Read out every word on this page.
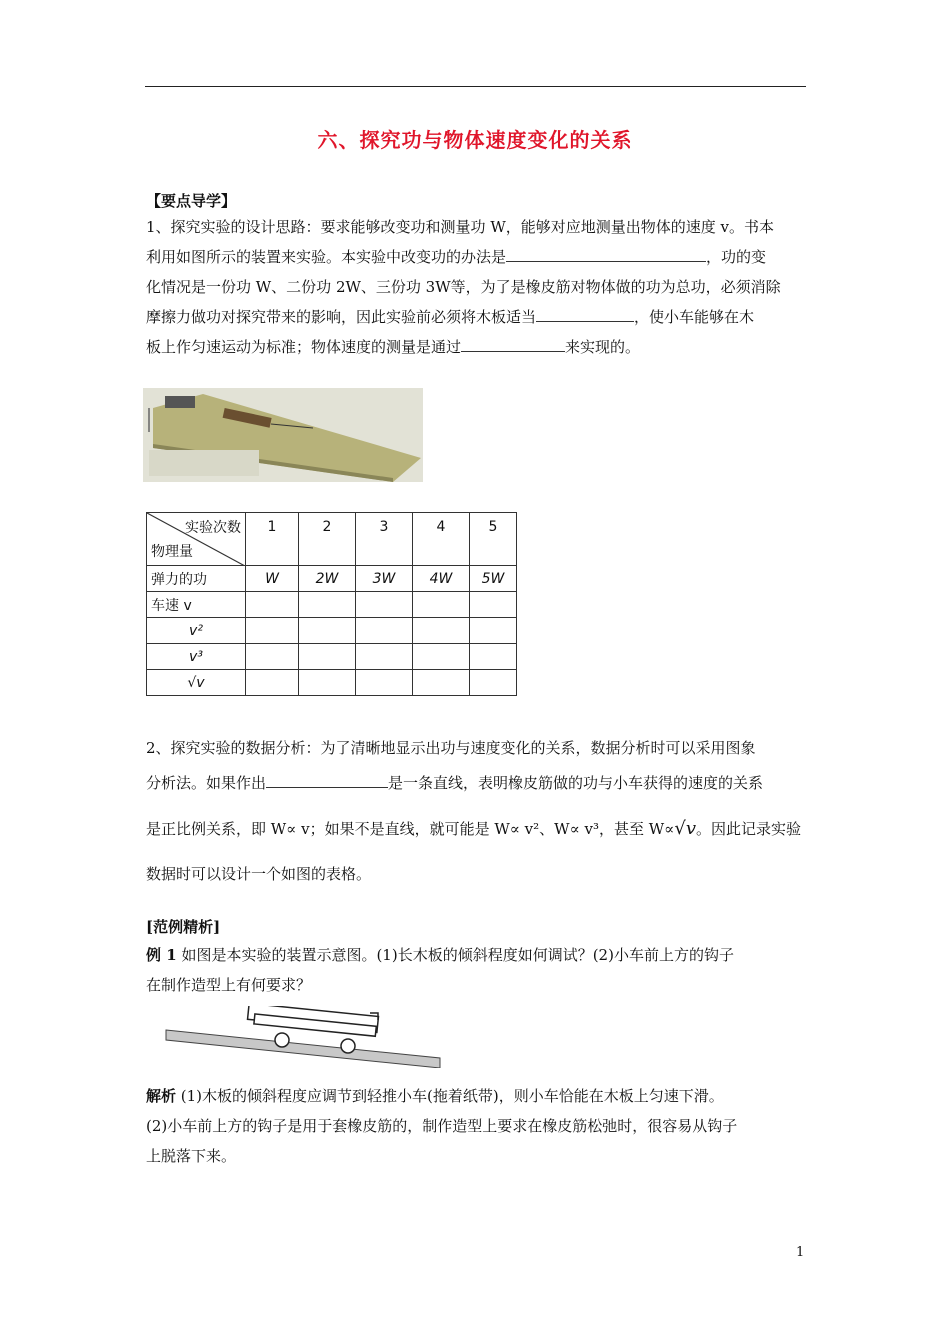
六、探究功与物体速度变化的关系
【要点导学】
1、探究实验的设计思路：要求能够改变功和测量功 W，能够对应地测量出物体的速度 v。书本
利用如图所示的装置来实验。本实验中改变功的办法是	，功的变
化情况是一份功 W、二份功 2W、三份功 3W等，为了是橡皮筋对物体做的功为总功，必须消除
摩擦力做功对探究带来的影响，因此实验前必须将木板适当	，使小车能够在木
板上作匀速运动为标准；物体速度的测量是通过	来实现的。
实验次数
物理量	1	2	3	4	5
弹力的功	W	2W	3W	4W	5W
车速 v					
v²					
v³					
√v					
2、探究实验的数据分析：为了清晰地显示出功与速度变化的关系，数据分析时可以采用图象
分析法。如果作出	是一条直线，表明橡皮筋做的功与小车获得的速度的关系
是正比例关系，即 W∝ v；如果不是直线，就可能是 W∝ v²、W∝ v³，甚至 W∝√v。因此记录实验
数据时可以设计一个如图的表格。
[范例精析]
例 1 如图是本实验的装置示意图。(1)长木板的倾斜程度如何调试？(2)小车前上方的钩子
在制作造型上有何要求？
解析 (1)木板的倾斜程度应调节到轻推小车(拖着纸带)，则小车恰能在木板上匀速下滑。
(2)小车前上方的钩子是用于套橡皮筋的，制作造型上要求在橡皮筋松弛时，很容易从钩子
上脱落下来。
1
